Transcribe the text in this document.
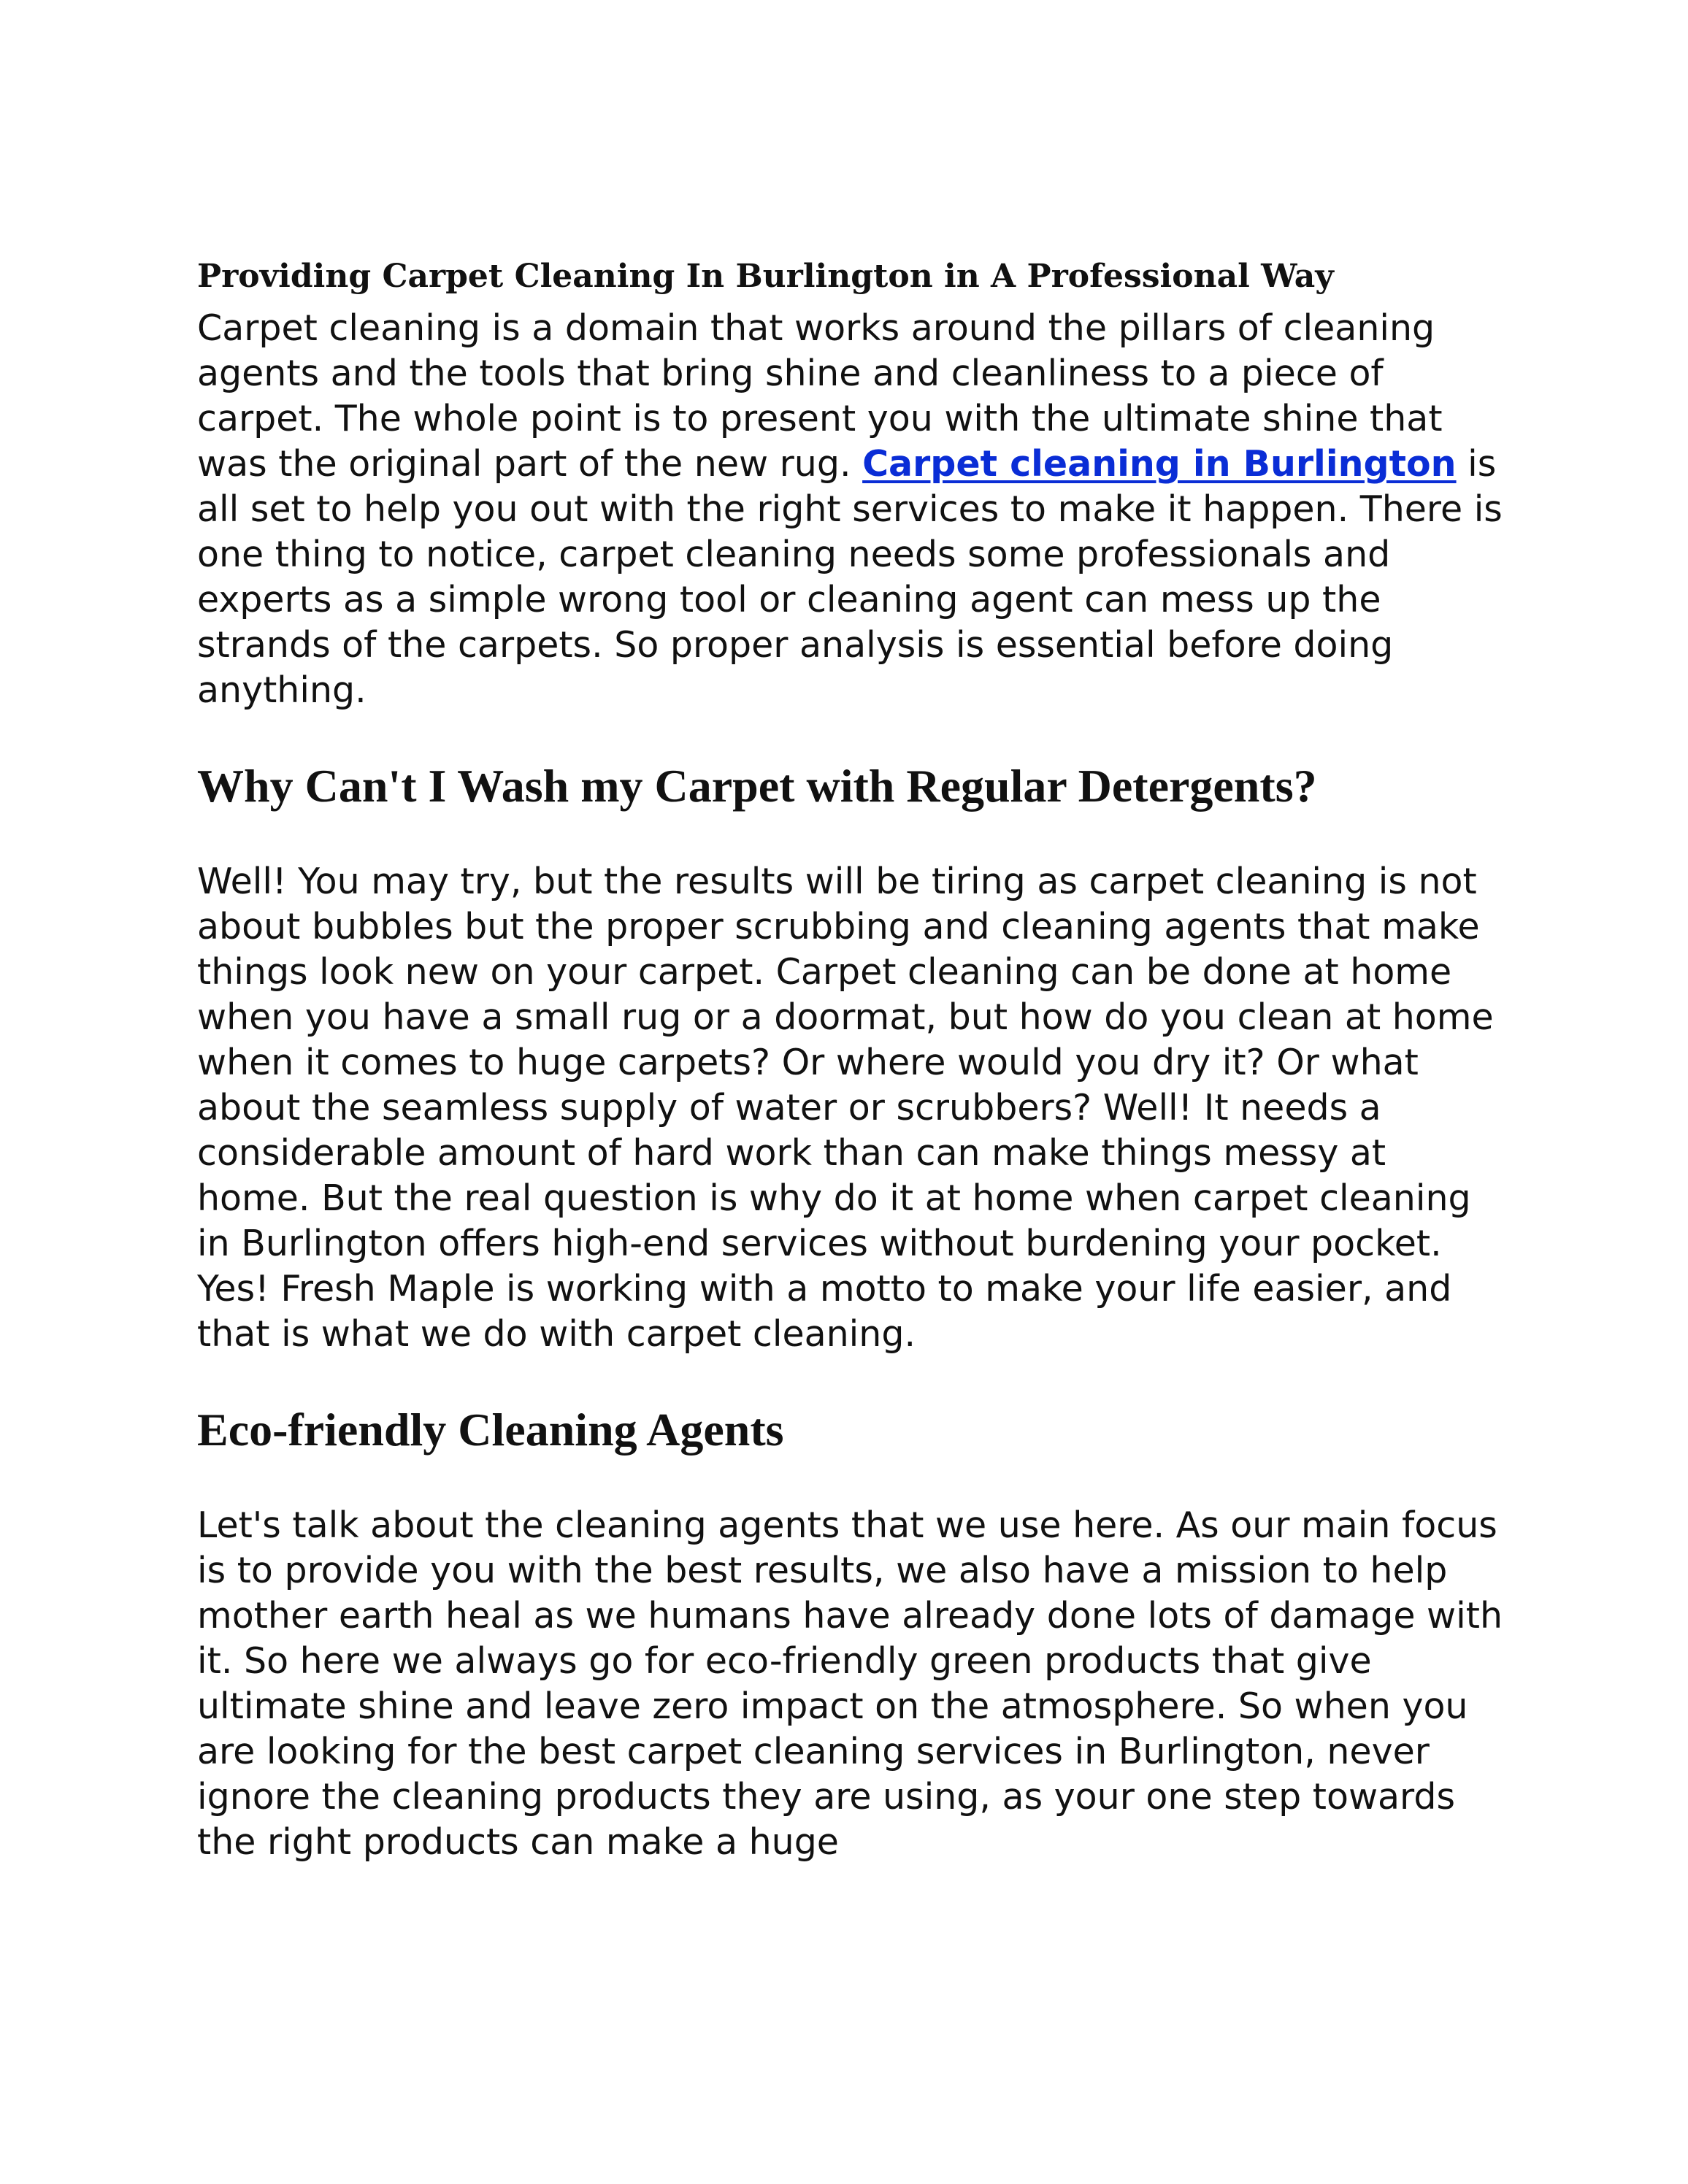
Providing Carpet Cleaning In Burlington in A Professional Way

Carpet cleaning is a domain that works around the pillars of cleaning agents and the tools that bring shine and cleanliness to a piece of carpet. The whole point is to present you with the ultimate shine that was the original part of the new rug. Carpet cleaning in Burlington is all set to help you out with the right services to make it happen. There is one thing to notice, carpet cleaning needs some professionals and experts as a simple wrong tool or cleaning agent can mess up the strands of the carpets. So proper analysis is essential before doing anything.

Why Can't I Wash my Carpet with Regular Detergents?

Well! You may try, but the results will be tiring as carpet cleaning is not about bubbles but the proper scrubbing and cleaning agents that make things look new on your carpet. Carpet cleaning can be done at home when you have a small rug or a doormat, but how do you clean at home when it comes to huge carpets? Or where would you dry it? Or what about the seamless supply of water or scrubbers? Well! It needs a considerable amount of hard work than can make things messy at home. But the real question is why do it at home when carpet cleaning in Burlington offers high-end services without burdening your pocket. Yes! Fresh Maple is working with a motto to make your life easier, and that is what we do with carpet cleaning.

Eco-friendly Cleaning Agents

Let's talk about the cleaning agents that we use here. As our main focus is to provide you with the best results, we also have a mission to help mother earth heal as we humans have already done lots of damage with it. So here we always go for eco-friendly green products that give ultimate shine and leave zero impact on the atmosphere. So when you are looking for the best carpet cleaning services in Burlington, never ignore the cleaning products they are using, as your one step towards the right products can make a huge
